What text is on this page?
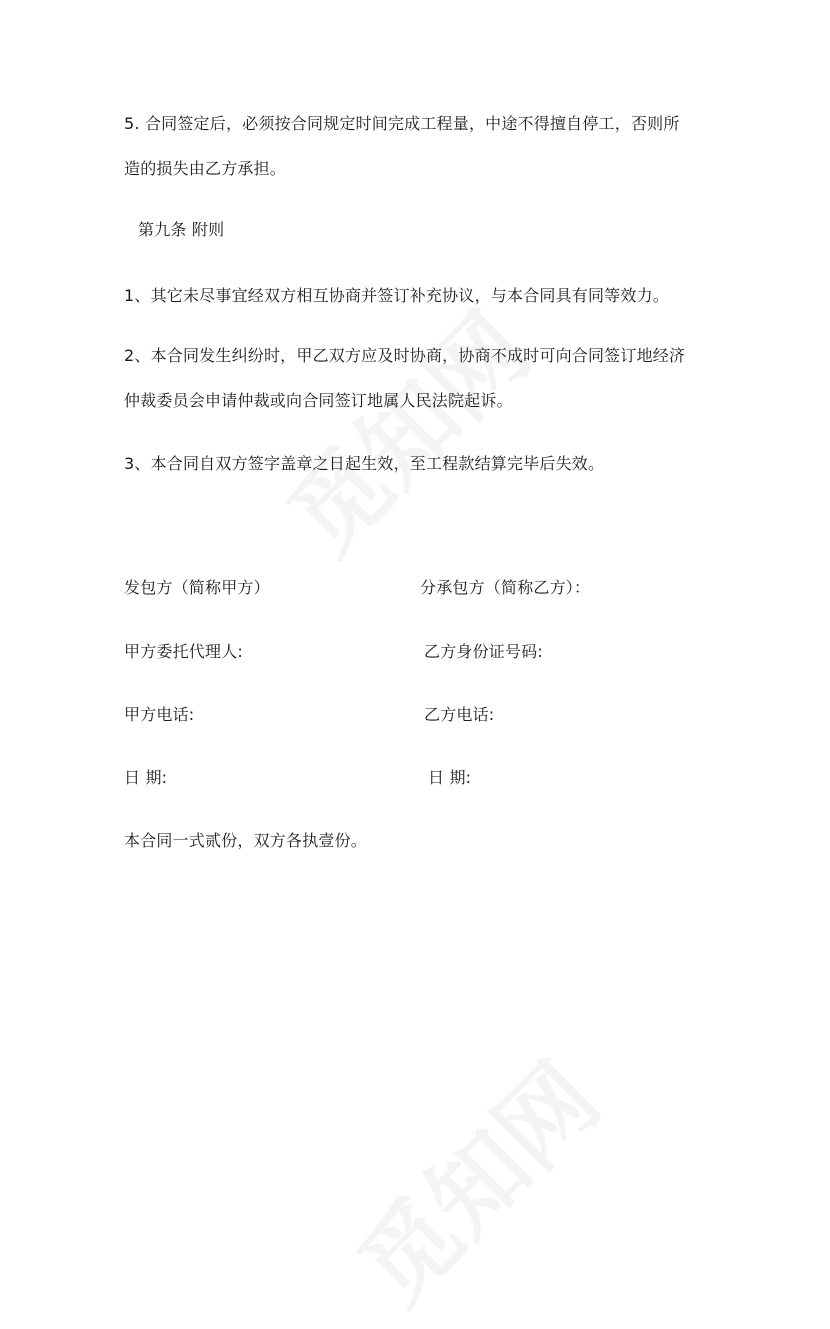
5. 合同签定后，必须按合同规定时间完成工程量，中途不得擅自停工，否则所
造的损失由乙方承担。
第九条 附则
1、其它未尽事宜经双方相互协商并签订补充协议，与本合同具有同等效力。
2、本合同发生纠纷时，甲乙双方应及时协商，协商不成时可向合同签订地经济
仲裁委员会申请仲裁或向合同签订地属人民法院起诉。
3、本合同自双方签字盖章之日起生效，至工程款结算完毕后失效。
发包方（简称甲方）	分承包方（简称乙方）：
甲方委托代理人:	乙方身份证号码:
甲方电话:	乙方电话:
日 期:	日 期:
本合同一式贰份，双方各执壹份。
